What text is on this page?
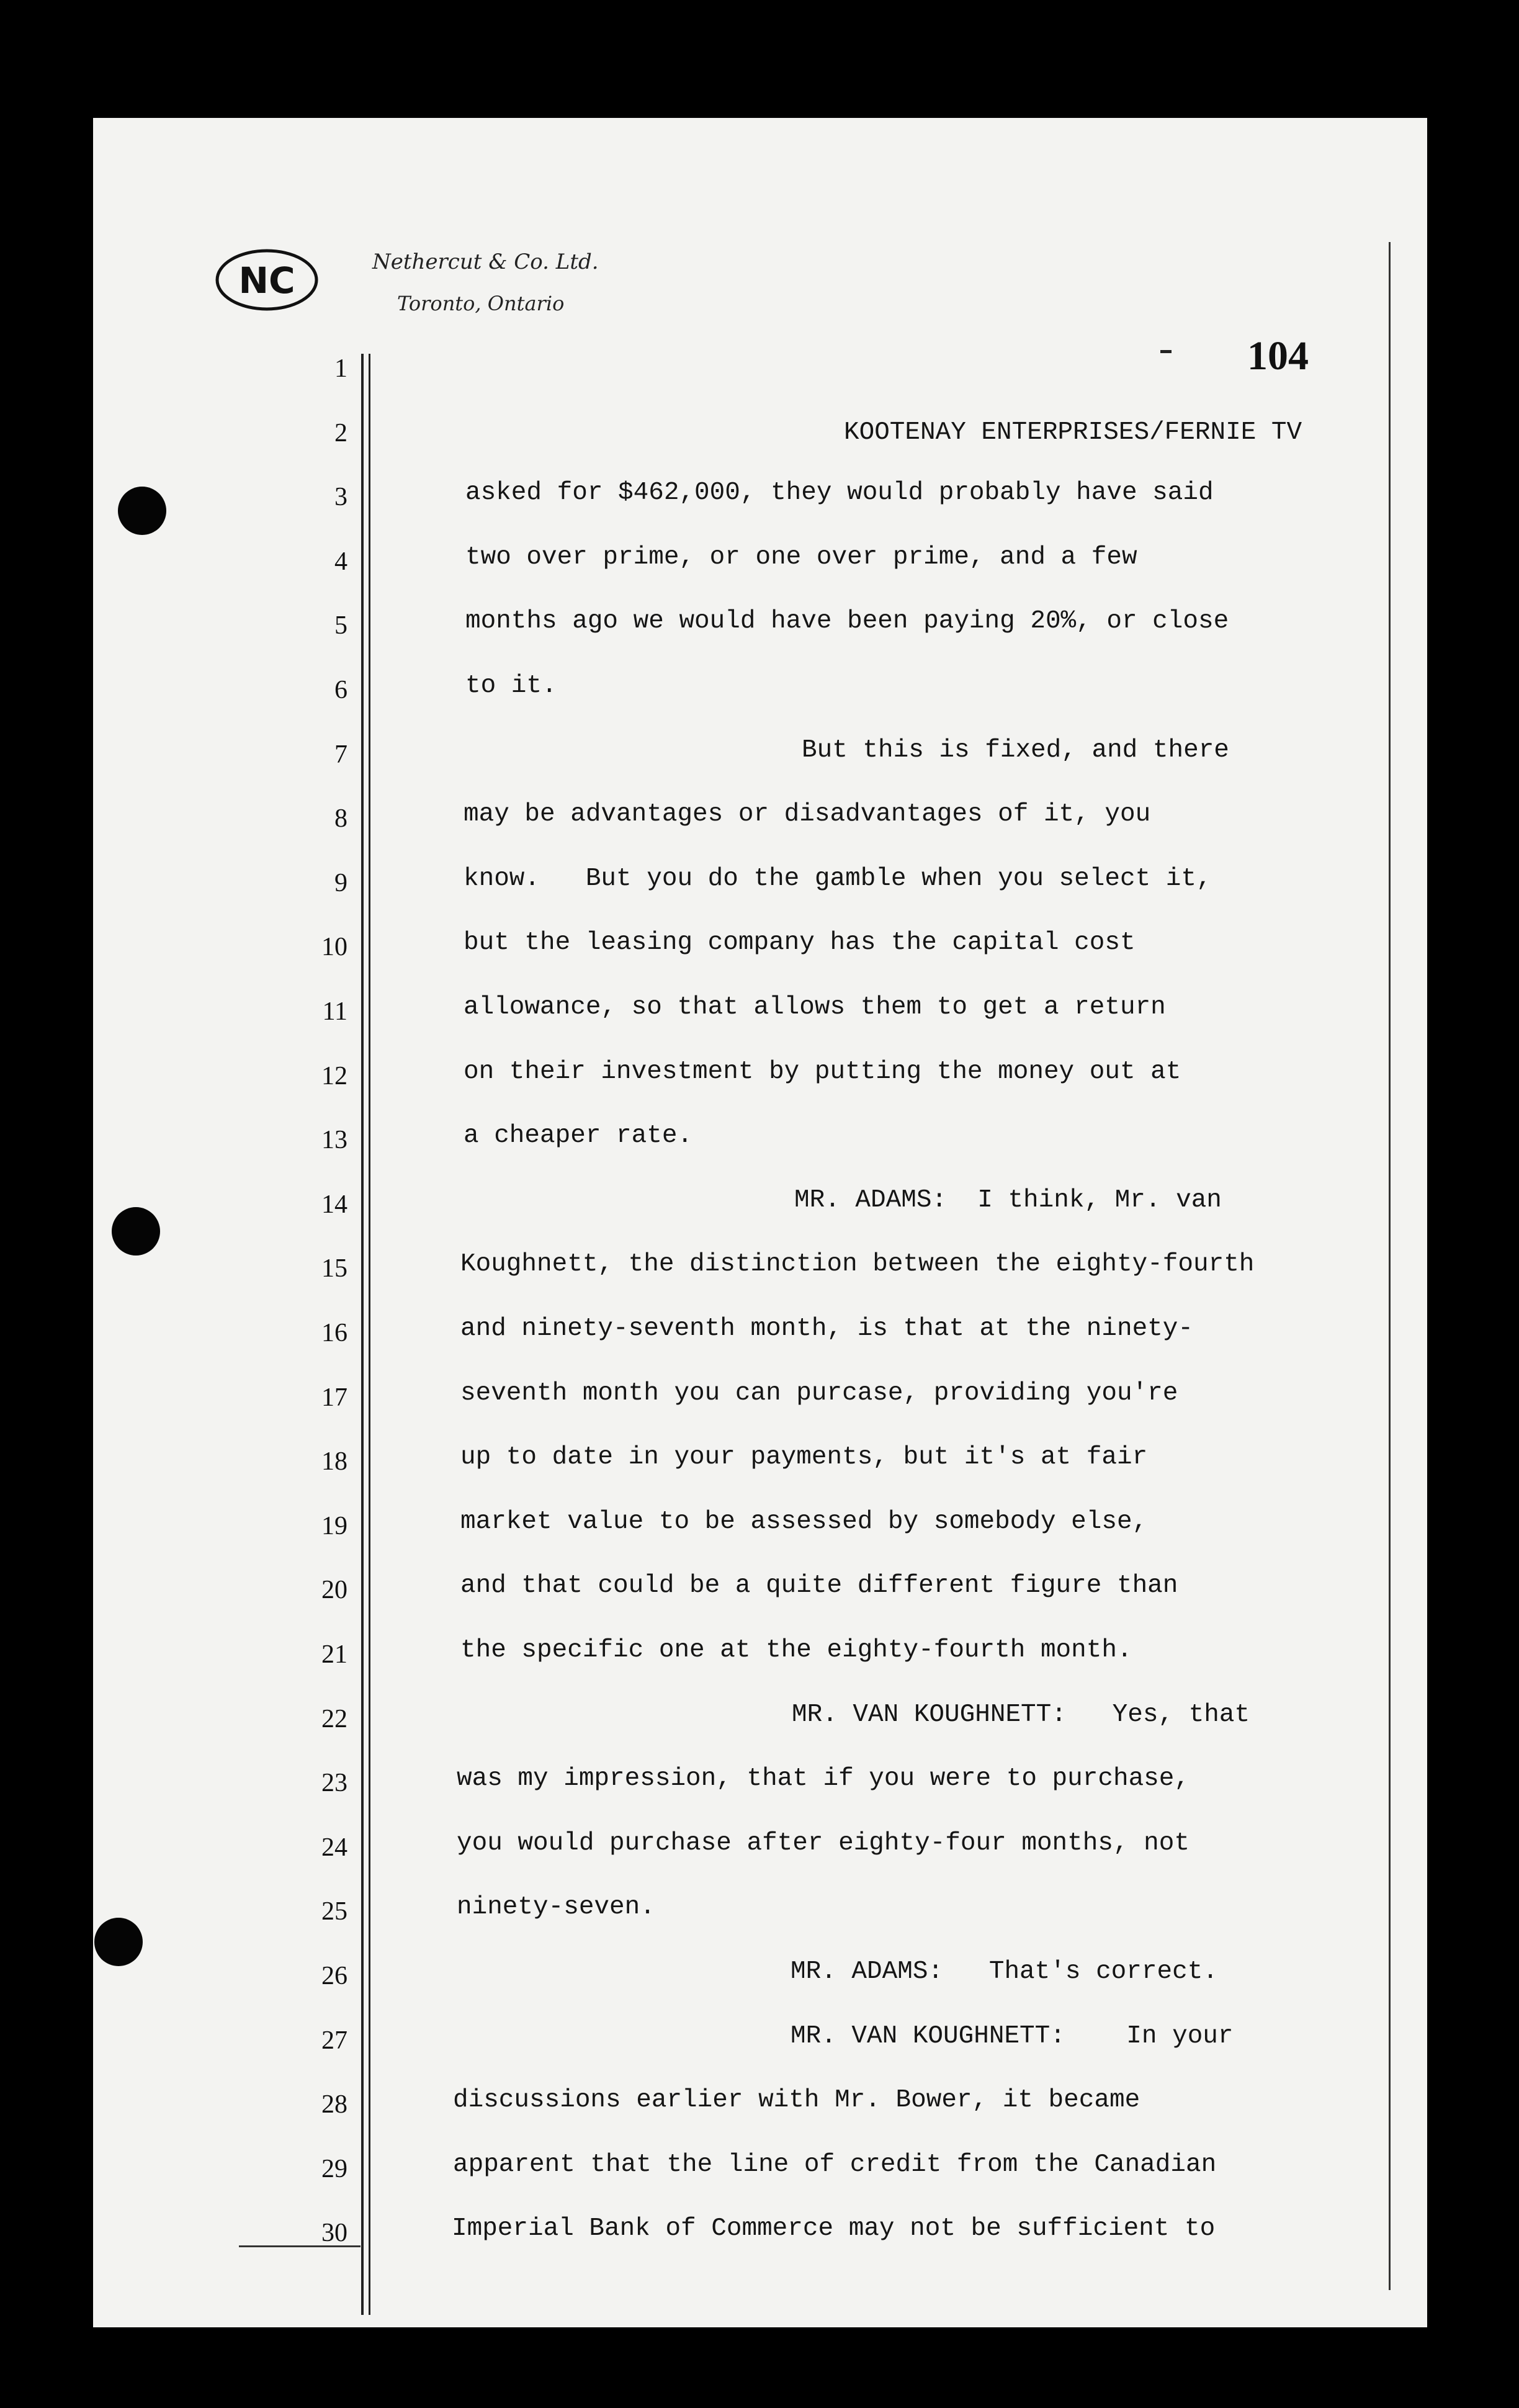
NC	Nethercut & Co. Ltd.
Toronto, Ontario
104
1
2
3
4
5
6
7
8
9
10
11
12
13
14
15
16
17
18
19
20
21
22
23
24
25
26
27
28
29
30
KOOTENAY ENTERPRISES/FERNIE TV
asked for $462,000, they would probably have said
two over prime, or one over prime, and a few
months ago we would have been paying 20%, or close
to it.
But this is fixed, and there
may be advantages or disadvantages of it, you
know.   But you do the gamble when you select it,
but the leasing company has the capital cost
allowance, so that allows them to get a return
on their investment by putting the money out at
a cheaper rate.
MR. ADAMS:  I think, Mr. van
Koughnett, the distinction between the eighty-fourth
and ninety-seventh month, is that at the ninety-
seventh month you can purcase, providing you're
up to date in your payments, but it's at fair
market value to be assessed by somebody else,
and that could be a quite different figure than
the specific one at the eighty-fourth month.
MR. VAN KOUGHNETT:   Yes, that
was my impression, that if you were to purchase,
you would purchase after eighty-four months, not
ninety-seven.
MR. ADAMS:   That's correct.
MR. VAN KOUGHNETT:    In your
discussions earlier with Mr. Bower, it became
apparent that the line of credit from the Canadian
Imperial Bank of Commerce may not be sufficient to
